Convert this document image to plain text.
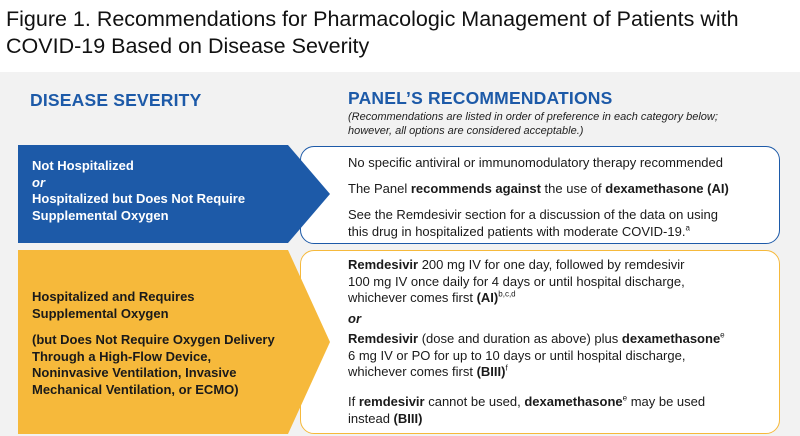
Figure 1. Recommendations for Pharmacologic Management of Patients with
COVID-19 Based on Disease Severity
DISEASE SEVERITY	PANEL’S RECOMMENDATIONS
(Recommendations are listed in order of preference in each category below;
however, all options are considered acceptable.)
Not Hospitalized
or
Hospitalized but Does Not Require
Supplemental Oxygen
Hospitalized and Requires
Supplemental Oxygen
(but Does Not Require Oxygen Delivery
Through a High-Flow Device,
Noninvasive Ventilation, Invasive
Mechanical Ventilation, or ECMO)
No specific antiviral or immunomodulatory therapy recommended
The Panel recommends against the use of dexamethasone (AI)
See the Remdesivir section for a discussion of the data on using
this drug in hospitalized patients with moderate COVID-19.$^a$
Remdesivir 200 mg IV for one day, followed by remdesivir
100 mg IV once daily for 4 days or until hospital discharge,
whichever comes first (AI)$^{b,c,d}$
or
Remdesivir (dose and duration as above) plus dexamethasone$^e$
6 mg IV or PO for up to 10 days or until hospital discharge,
whichever comes first (BIII)$^f$
If remdesivir cannot be used, dexamethasone$^e$ may be used
instead (BIII)
